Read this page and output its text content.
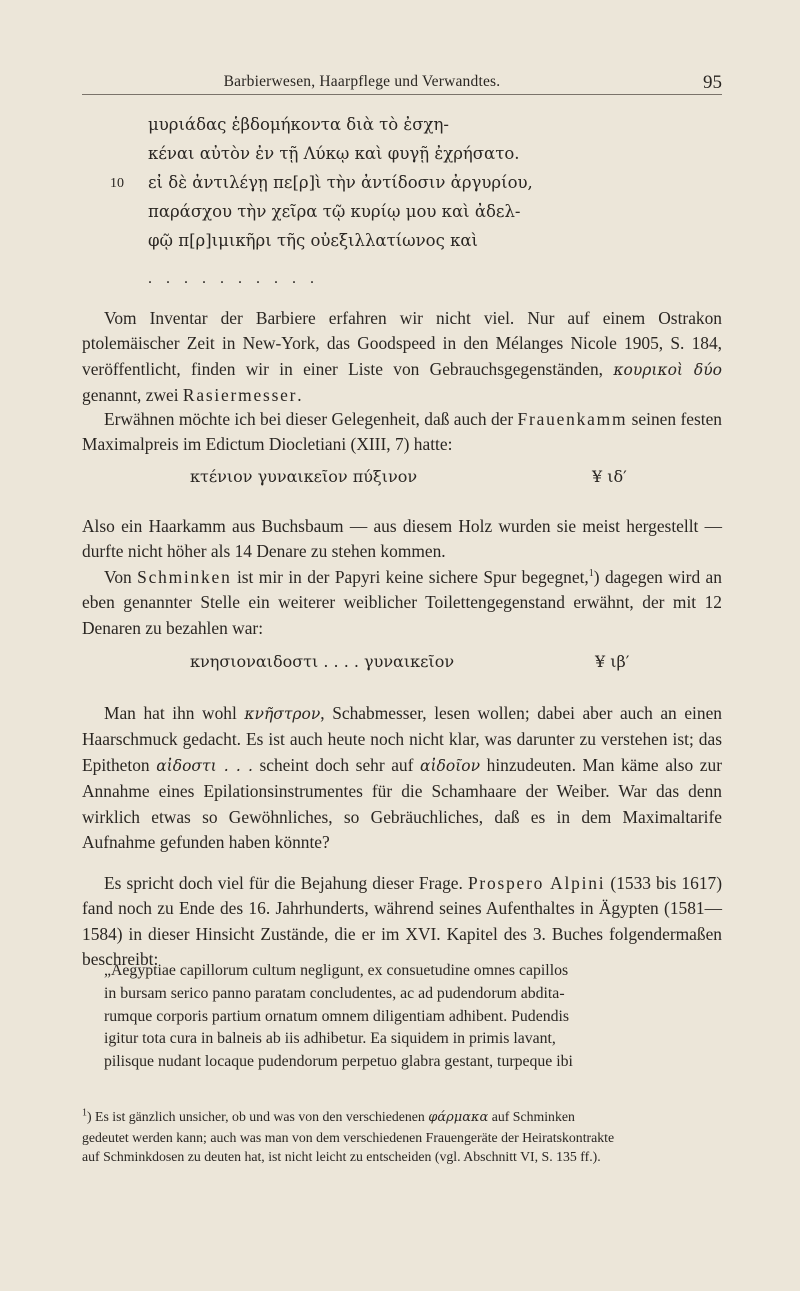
Barbierwesen, Haarpflege und Verwandtes.	95
μυριάδας ἑβδομήκοντα διὰ τὸ ἐσχη-
κέναι αὐτὸν ἐν τῇ Λύκῳ καὶ φυγῇ ἐχρήσατο.
εἰ δὲ ἀντιλέγῃ πε[ρ]ὶ τὴν ἀντίδοσιν ἀργυρίου,
παράσχου τὴν χεῖρα τῷ κυρίῳ μου καὶ ἀδελ-
φῷ π[ρ]ιμικῆρι τῆς οὐεξιλλατίωνος καὶ
10
. . . . . . . . . .
Vom Inventar der Barbiere erfahren wir nicht viel. Nur auf einem Ostrakon ptolemäischer Zeit in New-York, das Goodspeed in den Mélanges Nicole 1905, S. 184, veröffentlicht, finden wir in einer Liste von Gebrauchsgegenständen, κουρικοὶ δύο genannt, zwei Rasiermesser.
Erwähnen möchte ich bei dieser Gelegenheit, daß auch der Frauenkamm seinen festen Maximalpreis im Edictum Diocletiani (XIII, 7) hatte:
κτένιον γυναικεῖον πύξινον	¥ ιδ′
Also ein Haarkamm aus Buchsbaum — aus diesem Holz wurden sie meist hergestellt — durfte nicht höher als 14 Denare zu stehen kommen.
Von Schminken ist mir in der Papyri keine sichere Spur begegnet,$^1$) dagegen wird an eben genannter Stelle ein weiterer weiblicher Toilettengegenstand erwähnt, der mit 12 Denaren zu bezahlen war:
κνησιοναιδοστι . . . . γυναικεῖον	¥ ιβ′
Man hat ihn wohl κνῆστρον, Schabmesser, lesen wollen; dabei aber auch an einen Haarschmuck gedacht. Es ist auch heute noch nicht klar, was darunter zu verstehen ist; das Epitheton αἰδοστι . . . scheint doch sehr auf αἰδοῖον hinzudeuten. Man käme also zur Annahme eines Epilationsinstrumentes für die Schamhaare der Weiber. War das denn wirklich etwas so Gewöhnliches, so Gebräuchliches, daß es in dem Maximaltarife Aufnahme gefunden haben könnte?
Es spricht doch viel für die Bejahung dieser Frage. Prospero Alpini (1533 bis 1617) fand noch zu Ende des 16. Jahrhunderts, während seines Aufenthaltes in Ägypten (1581—1584) in dieser Hinsicht Zustände, die er im XVI. Kapitel des 3. Buches folgendermaßen beschreibt:
„Aegyptiae capillorum cultum negligunt, ex consuetudine omnes capillos
in bursam serico panno paratam concludentes, ac ad pudendorum abdita-
rumque corporis partium ornatum omnem diligentiam adhibent. Pudendis
igitur tota cura in balneis ab iis adhibetur. Ea siquidem in primis lavant,
pilisque nudant locaque pudendorum perpetuo glabra gestant, turpeque ibi
$^1$) Es ist gänzlich unsicher, ob und was von den verschiedenen φάρμακα auf Schminken
gedeutet werden kann; auch was man von dem verschiedenen Frauengeräte der Heiratskontrakte
auf Schminkdosen zu deuten hat, ist nicht leicht zu entscheiden (vgl. Abschnitt VI, S. 135 ff.).
